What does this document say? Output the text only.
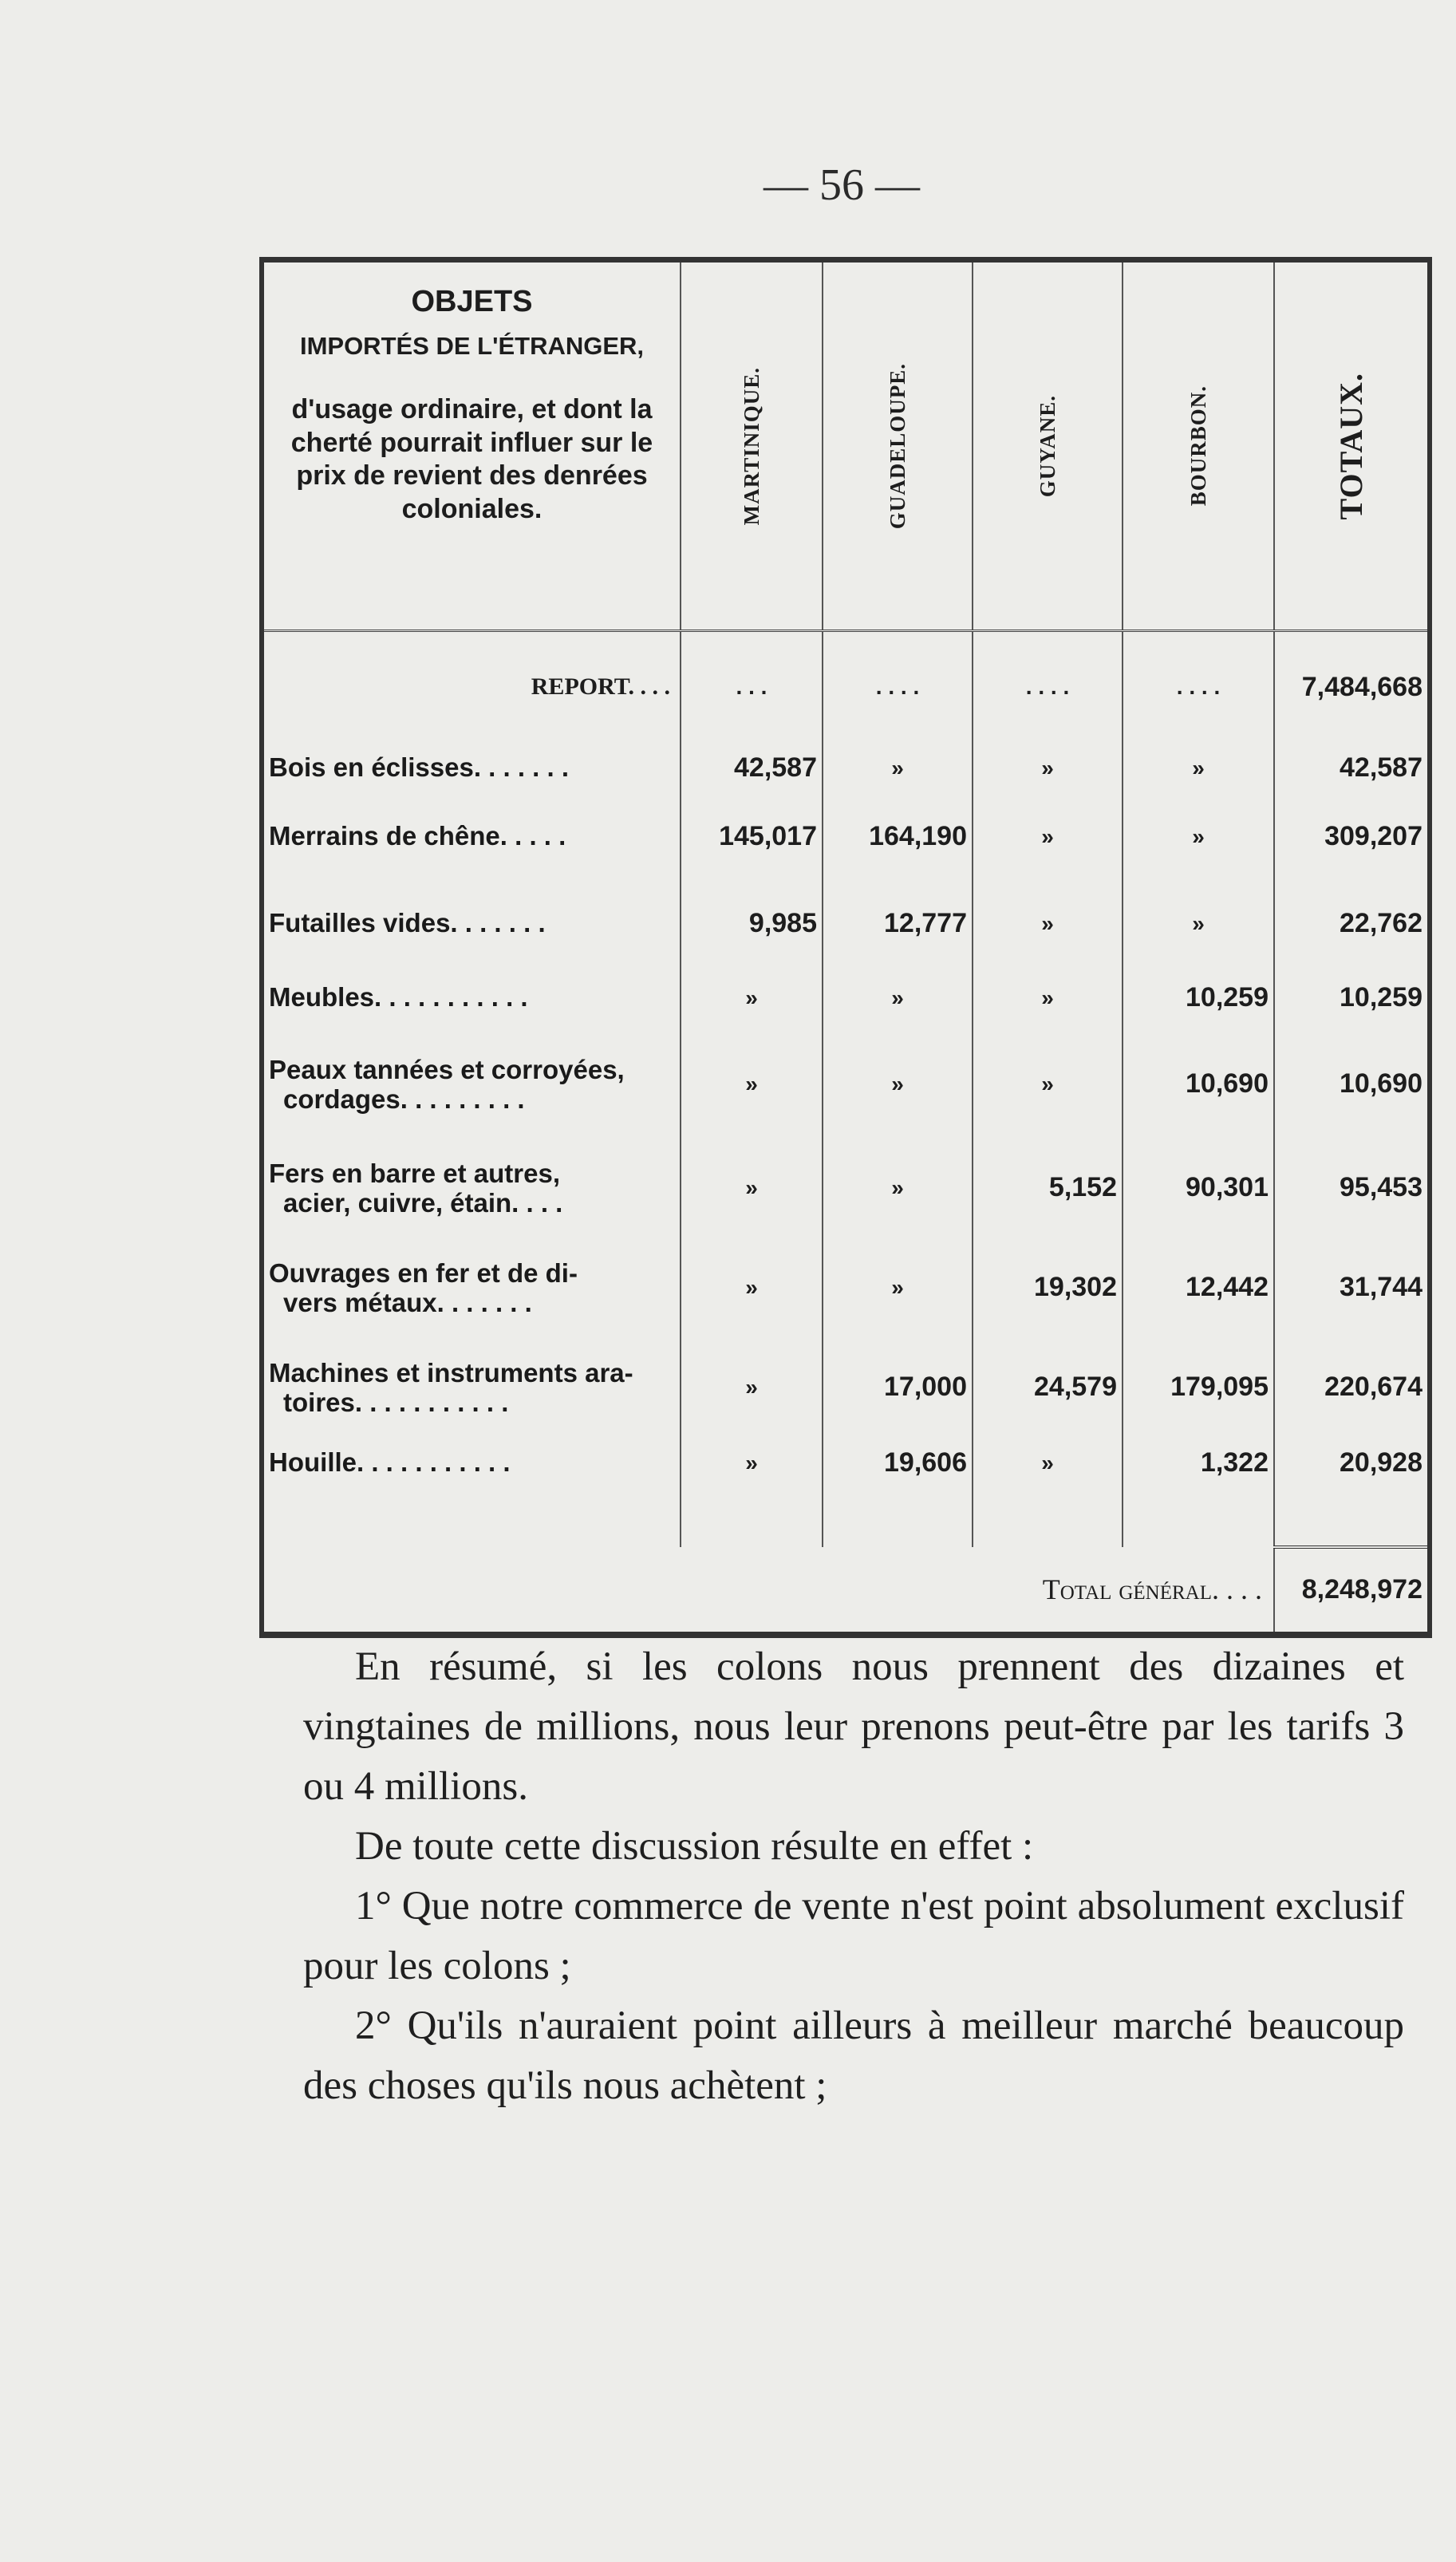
— 56 —
OBJETS
IMPORTÉS DE L'ÉTRANGER,
d'usage ordinaire, et dont la cherté pourrait influer sur le prix de revient des denrées coloniales.	MARTINIQUE.	GUADELOUPE.	GUYANE.	BOURBON.	TOTAUX.

REPORT. . . .	. . .	. . . .	. . . .	. . . .	7,484,668
Bois en éclisses. . . . . . .	42,587	»	»	»	42,587
Merrains de chêne. . . . .	145,017	164,190	»	»	309,207
Futailles vides. . . . . . .	9,985	12,777	»	»	22,762
Meubles. . . . . . . . . . .	»	»	»	10,259	10,259
Peaux tannées et corroyées,
cordages. . . . . . . . .	»	»	»	10,690	10,690
Fers en barre et autres,
acier, cuivre, étain. . . .	»	»	5,152	90,301	95,453
Ouvrages en fer et de di-
vers métaux. . . . . . .	»	»	19,302	12,442	31,744
Machines et instruments ara-
toires. . . . . . . . . . .	»	17,000	24,579	179,095	220,674
Houille. . . . . . . . . . .	»	19,606	»	1,322	20,928

Total général. . . .					8,248,972

En résumé, si les colons nous prennent des dizaines et vingtaines de millions, nous leur prenons peut-être par les tarifs 3 ou 4 millions.

De toute cette discussion résulte en effet :

1° Que notre commerce de vente n'est point absolument exclusif pour les colons ;

2° Qu'ils n'auraient point ailleurs à meilleur marché beaucoup des choses qu'ils nous achètent ;
